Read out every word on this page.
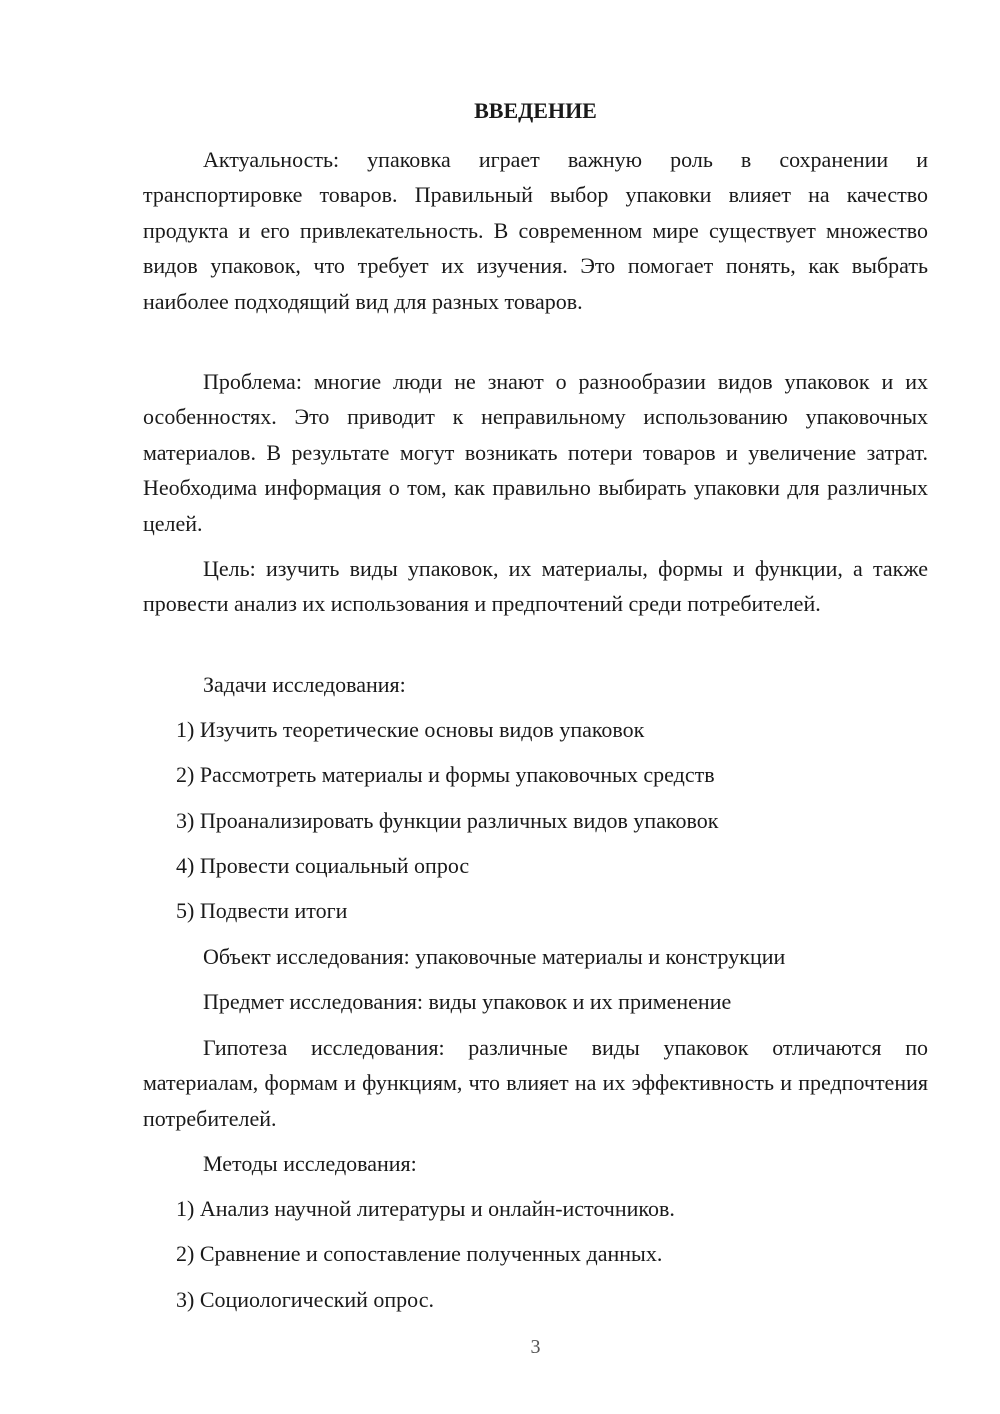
ВВЕДЕНИЕ

Актуальность: упаковка играет важную роль в сохранении и транспортировке товаров. Правильный выбор упаковки влияет на качество продукта и его привлекательность. В современном мире существует множество видов упаковок, что требует их изучения. Это помогает понять, как выбрать наиболее подходящий вид для разных товаров.

Проблема: многие люди не знают о разнообразии видов упаковок и их особенностях. Это приводит к неправильному использованию упаковочных материалов. В результате могут возникать потери товаров и увеличение затрат. Необходима информация о том, как правильно выбирать упаковки для различных целей.

Цель: изучить виды упаковок, их материалы, формы и функции, а также провести анализ их использования и предпочтений среди потребителей.

Задачи исследования:

1) Изучить теоретические основы видов упаковок

2) Рассмотреть материалы и формы упаковочных средств

3) Проанализировать функции различных видов упаковок

4) Провести социальный опрос

5) Подвести итоги

Объект исследования: упаковочные материалы и конструкции

Предмет исследования: виды упаковок и их применение

Гипотеза исследования: различные виды упаковок отличаются по материалам, формам и функциям, что влияет на их эффективность и предпочтения потребителей.

Методы исследования:

1) Анализ научной литературы и онлайн-источников.

2) Сравнение и сопоставление полученных данных.

3) Социологический опрос.

3
